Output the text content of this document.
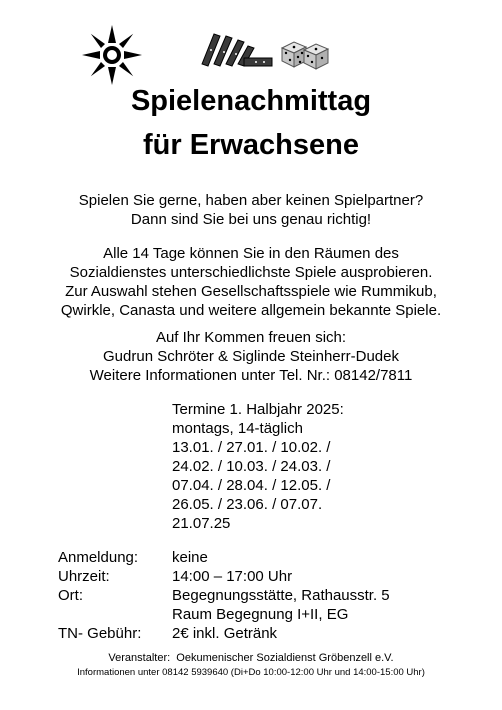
Spielenachmittag
für Erwachsene
Spielen Sie gerne, haben aber keinen Spielpartner?
Dann sind Sie bei uns genau richtig!
Alle 14 Tage können Sie in den Räumen des
Sozialdienstes unterschiedlichste Spiele ausprobieren.
Zur Auswahl stehen Gesellschaftsspiele wie Rummikub,
Qwirkle, Canasta und weitere allgemein bekannte Spiele.
Auf Ihr Kommen freuen sich:
Gudrun Schröter & Siglinde Steinherr-Dudek
Weitere Informationen unter Tel. Nr.: 08142/7811
Termine 1. Halbjahr 2025:
montags, 14-täglich
13.01. / 27.01. / 10.02. /
24.02. / 10.03. / 24.03. /
07.04. / 28.04. / 12.05. /
26.05. / 23.06. / 07.07.
21.07.25
Anmeldung: keine
Uhrzeit:	14:00 – 17:00 Uhr
Ort:	Begegnungsstätte, Rathausstr. 5
Raum Begegnung I+II, EG
TN- Gebühr: 2€ inkl. Getränk
Veranstalter:  Oekumenischer Sozialdienst Gröbenzell e.V.
Informationen unter 08142 5939640 (Di+Do 10:00-12:00 Uhr und 14:00-15:00 Uhr)
